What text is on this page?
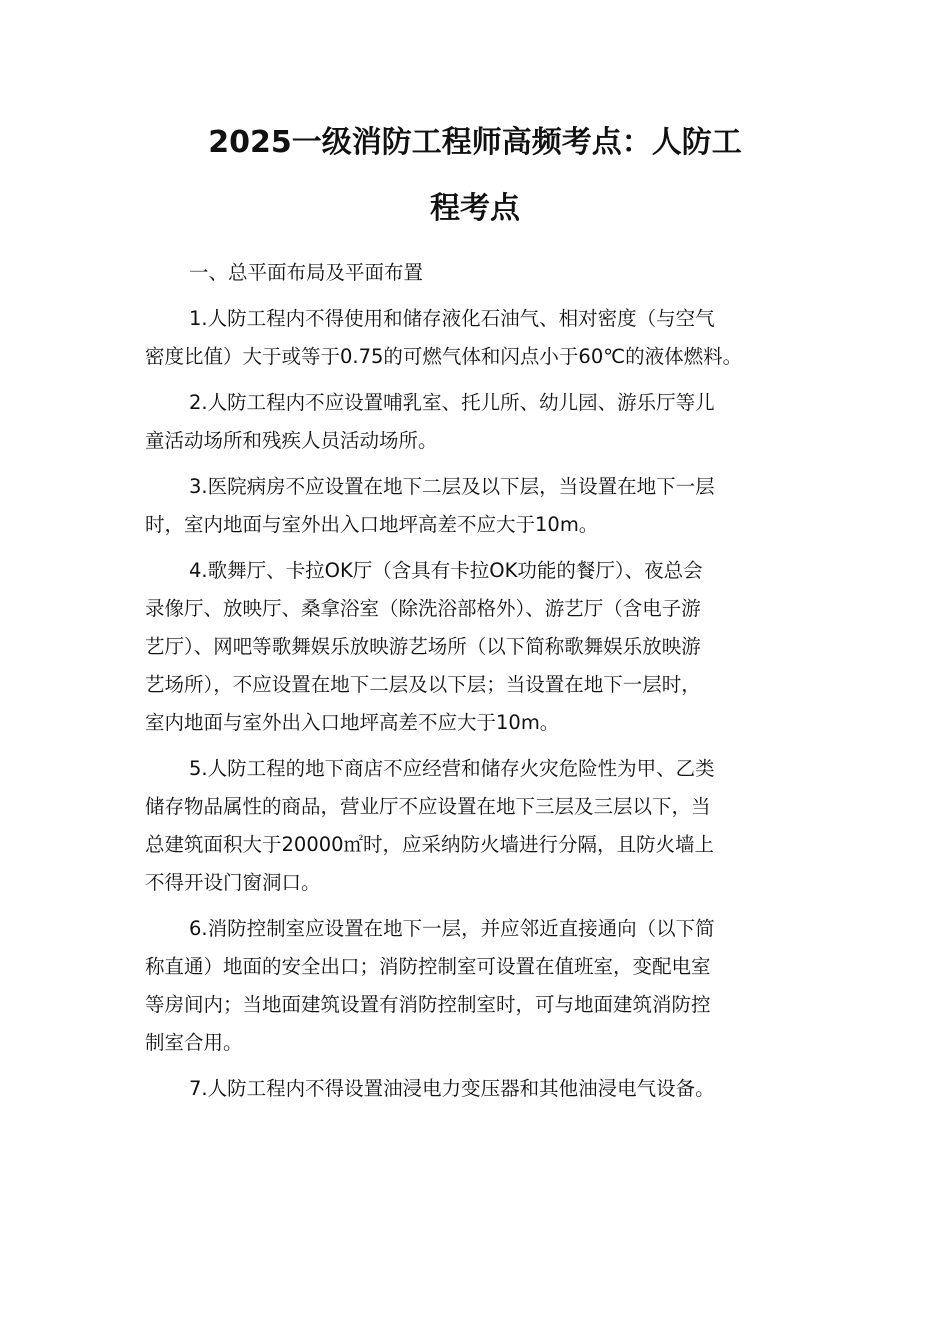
2025一级消防工程师高频考点：人防工
程考点

一、总平面布局及平面布置

1.人防工程内不得使用和储存液化石油气、相对密度（与空气
密度比值）大于或等于0.75的可燃气体和闪点小于60℃的液体燃料。

2.人防工程内不应设置哺乳室、托儿所、幼儿园、游乐厅等儿
童活动场所和残疾人员活动场所。

3.医院病房不应设置在地下二层及以下层，当设置在地下一层
时，室内地面与室外出入口地坪高差不应大于10m。

4.歌舞厅、卡拉OK厅（含具有卡拉OK功能的餐厅）、夜总会
录像厅、放映厅、桑拿浴室（除洗浴部格外）、游艺厅（含电子游
艺厅）、网吧等歌舞娱乐放映游艺场所（以下简称歌舞娱乐放映游
艺场所），不应设置在地下二层及以下层；当设置在地下一层时，
室内地面与室外出入口地坪高差不应大于10m。

5.人防工程的地下商店不应经营和储存火灾危险性为甲、乙类
储存物品属性的商品，营业厅不应设置在地下三层及三层以下，当
总建筑面积大于20000㎡时，应采纳防火墙进行分隔，且防火墙上
不得开设门窗洞口。

6.消防控制室应设置在地下一层，并应邻近直接通向（以下简
称直通）地面的安全出口；消防控制室可设置在值班室，变配电室
等房间内；当地面建筑设置有消防控制室时，可与地面建筑消防控
制室合用。

7.人防工程内不得设置油浸电力变压器和其他油浸电气设备。
